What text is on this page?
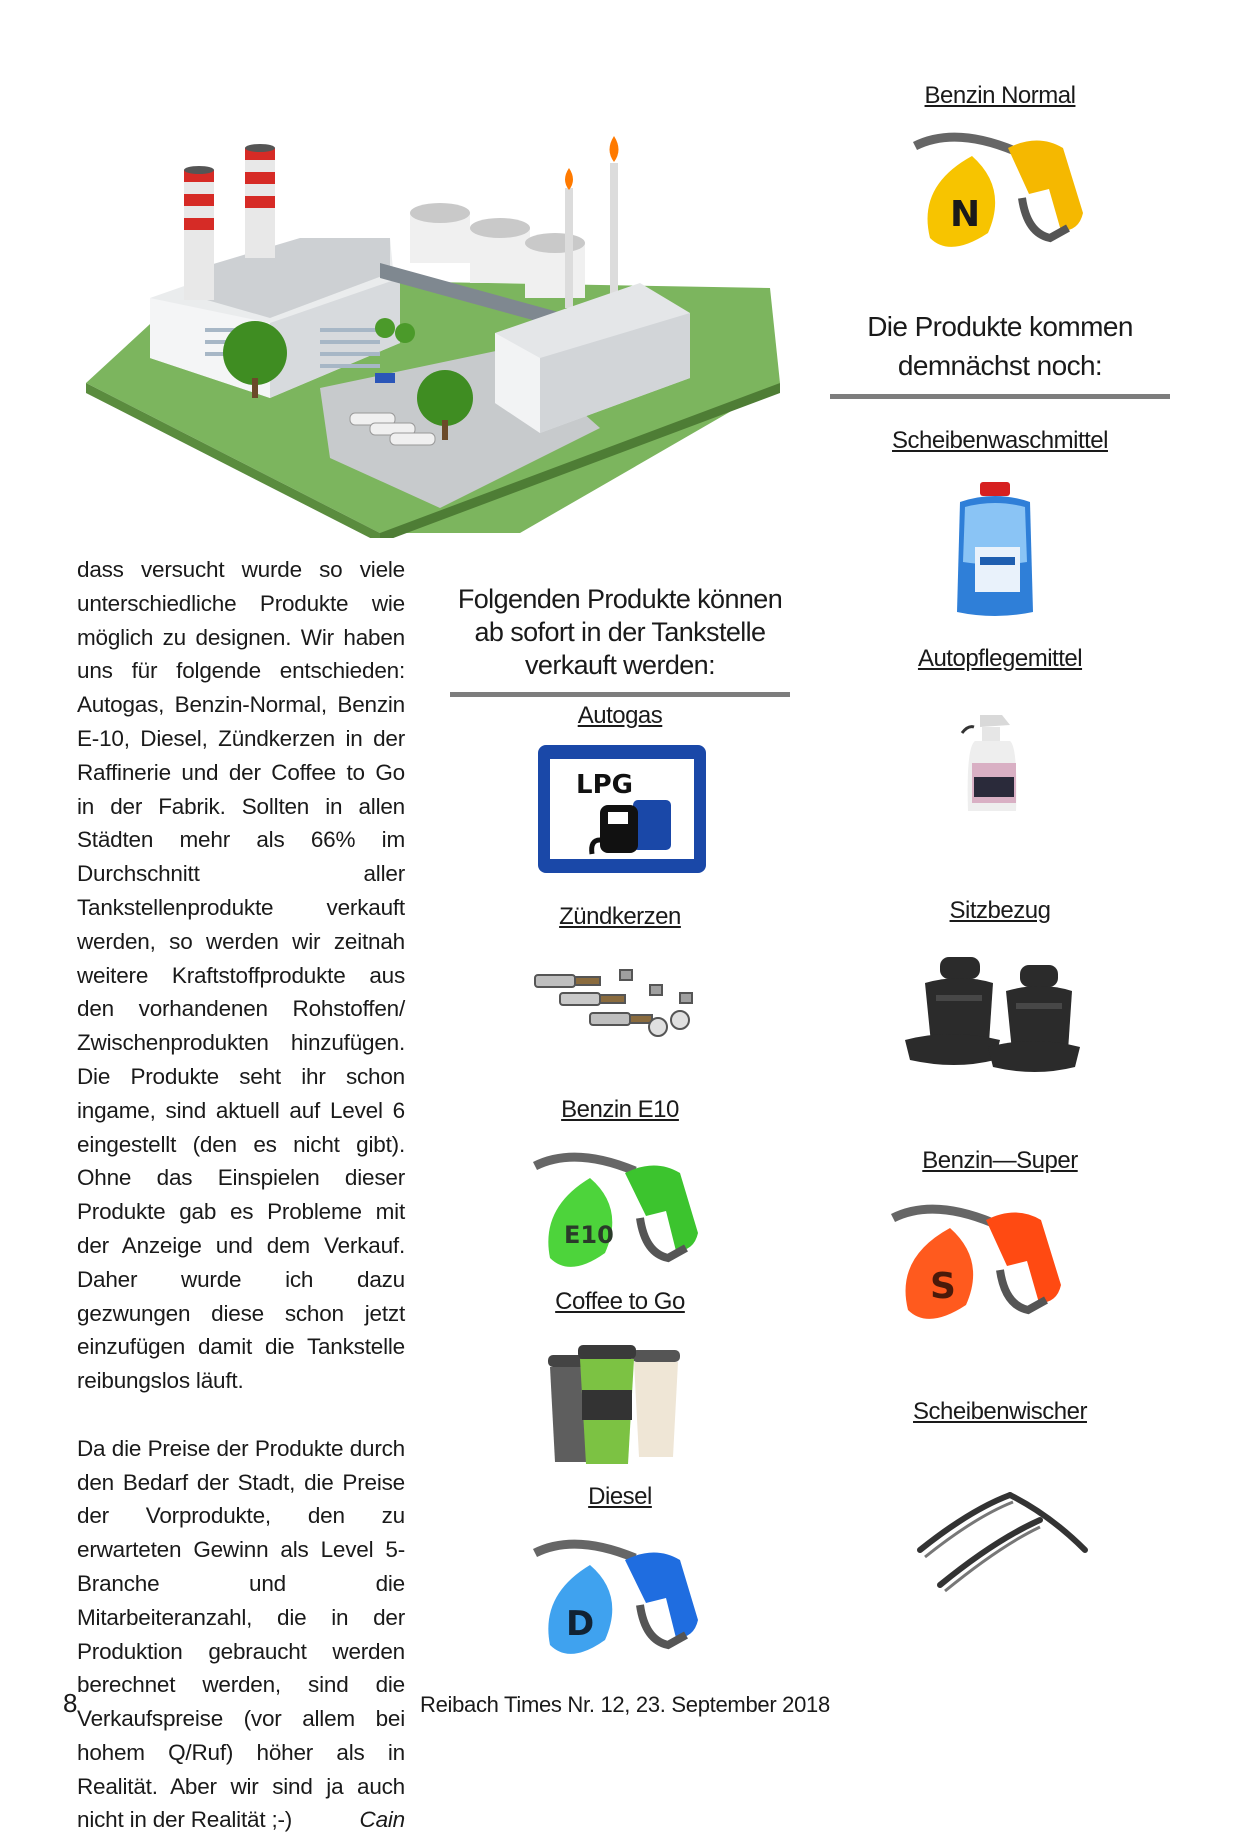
dass versucht wurde so viele unterschiedliche Produkte wie möglich zu designen. Wir haben uns für folgende entschieden: Autogas, Benzin-Normal, Benzin E-10, Diesel, Zündkerzen in der Raffinerie und der Coffee to Go in der Fabrik. Sollten in allen Städten mehr als 66% im Durchschnitt aller Tankstellenprodukte verkauft werden, so werden wir zeitnah weitere Kraftstoffprodukte aus den vorhandenen Rohstoffen/ Zwischenprodukten hinzufügen. Die Produkte seht ihr schon ingame, sind aktuell auf Level 6 eingestellt (den es nicht gibt). Ohne das Einspielen dieser Produkte gab es Probleme mit der Anzeige und dem Verkauf. Daher wurde ich dazu gezwungen diese schon jetzt einzufügen damit die Tankstelle reibungslos läuft.

Da die Preise der Produkte durch den Bedarf der Stadt, die Preise der Vorprodukte, den zu erwarteten Gewinn als Level 5-Branche und die Mitarbeiteranzahl, die in der Produktion gebraucht werden berechnet werden, sind die Verkaufspreise (vor allem bei hohem Q/Ruf) höher als in Realität. Aber wir sind ja auch nicht in der Realität ;-)	Cain

Folgenden Produkte können ab sofort in der Tankstelle verkauft werden:
Autogas
LPG
Zündkerzen
Benzin E10
E10
Coffee to Go
Diesel
D
Benzin Normal
N
Die Produkte kommen demnächst noch:
Scheibenwaschmittel
Autopflegemittel
Sitzbezug
Benzin—Super
S
Scheibenwischer
8	Reibach Times Nr. 12, 23. September 2018
